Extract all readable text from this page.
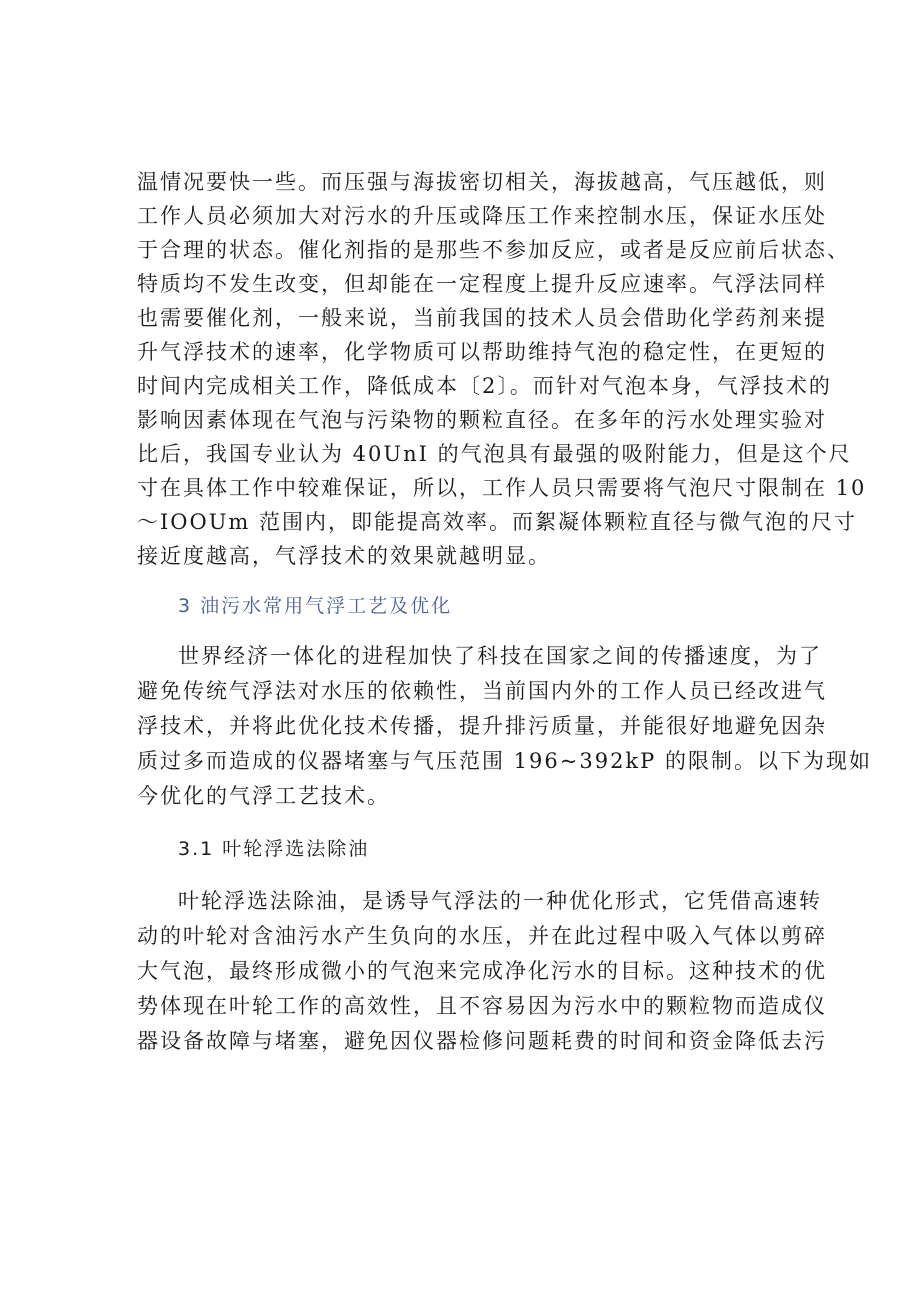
温情况要快一些。而压强与海拔密切相关，海拔越高，气压越低，则
工作人员必须加大对污水的升压或降压工作来控制水压，保证水压处
于合理的状态。催化剂指的是那些不参加反应，或者是反应前后状态、
特质均不发生改变，但却能在一定程度上提升反应速率。气浮法同样
也需要催化剂，一般来说，当前我国的技术人员会借助化学药剂来提
升气浮技术的速率，化学物质可以帮助维持气泡的稳定性，在更短的
时间内完成相关工作，降低成本〔2〕。而针对气泡本身，气浮技术的
影响因素体现在气泡与污染物的颗粒直径。在多年的污水处理实验对
比后，我国专业认为 40UnI 的气泡具有最强的吸附能力，但是这个尺
寸在具体工作中较难保证，所以，工作人员只需要将气泡尺寸限制在 10
～IOOUm 范围内，即能提高效率。而絮凝体颗粒直径与微气泡的尺寸
接近度越高，气浮技术的效果就越明显。
3 油污水常用气浮工艺及优化
世界经济一体化的进程加快了科技在国家之间的传播速度，为了
避免传统气浮法对水压的依赖性，当前国内外的工作人员已经改进气
浮技术，并将此优化技术传播，提升排污质量，并能很好地避免因杂
质过多而造成的仪器堵塞与气压范围 196~392kP 的限制。以下为现如
今优化的气浮工艺技术。
3.1 叶轮浮选法除油
叶轮浮选法除油，是诱导气浮法的一种优化形式，它凭借高速转
动的叶轮对含油污水产生负向的水压，并在此过程中吸入气体以剪碎
大气泡，最终形成微小的气泡来完成净化污水的目标。这种技术的优
势体现在叶轮工作的高效性，且不容易因为污水中的颗粒物而造成仪
器设备故障与堵塞，避免因仪器检修问题耗费的时间和资金降低去污
